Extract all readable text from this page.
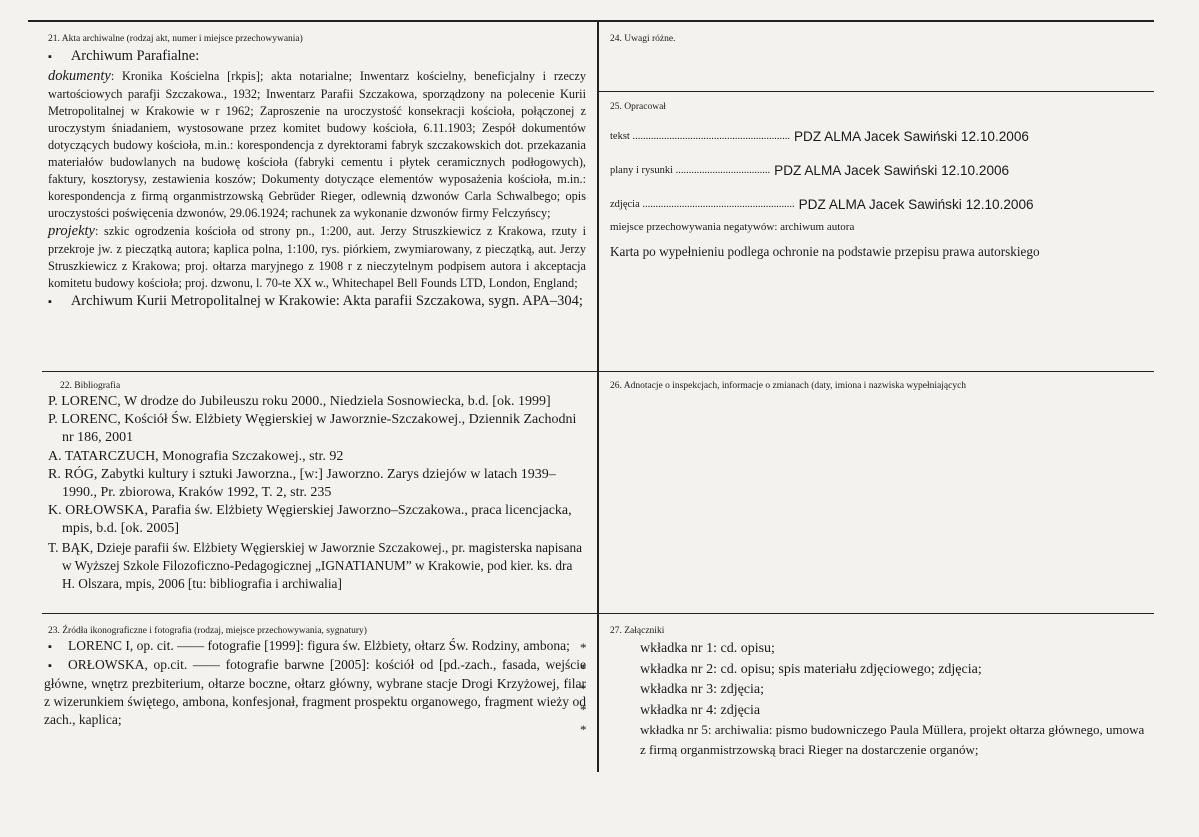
21. Akta archiwalne (rodzaj akt, numer i miejsce przechowywania)

▪ Archiwum Parafialne:

dokumenty: Kronika Kościelna [rkpis]; akta notarialne; Inwentarz kościelny, beneficjalny i rzeczy wartościowych parafji Szczakowa., 1932; Inwentarz Parafii Szczakowa, sporządzony na polecenie Kurii Metropolitalnej w Krakowie w r 1962; Zaproszenie na uroczystość konsekracji kościoła, połączonej z uroczystym śniadaniem, wystosowane przez komitet budowy kościoła, 6.11.1903; Zespół dokumentów dotyczących budowy kościoła, m.in.: korespondencja z dyrektorami fabryk szczakowskich dot. przekazania materiałów budowlanych na budowę kościoła (fabryki cementu i płytek ceramicznych podłogowych), faktury, kosztorysy, zestawienia koszów; Dokumenty dotyczące elementów wyposażenia kościoła, m.in.: korespondencja z firmą organmistrzowską Gebrüder Rieger, odlewnią dzwonów Carla Schwalbego; opis uroczystości poświęcenia dzwonów, 29.06.1924; rachunek za wykonanie dzwonów firmy Felczyńscy;

projekty: szkic ogrodzenia kościoła od strony pn., 1:200, aut. Jerzy Struszkiewicz z Krakowa, rzuty i przekroje jw. z pieczątką autora; kaplica polna, 1:100, rys. piórkiem, zwymiarowany, z pieczątką, aut. Jerzy Struszkiewicz z Krakowa; proj. ołtarza maryjnego z 1908 r z nieczytelnym podpisem autora i akceptacja komitetu budowy kościoła; proj. dzwonu, l. 70-te XX w., Whitechapel Bell Founds LTD, London, England;

▪ Archiwum Kurii Metropolitalnej w Krakowie: Akta parafii Szczakowa, sygn. APA–304;

22. Bibliografia

P. LORENC, W drodze do Jubileuszu roku 2000., Niedziela Sosnowiecka, b.d. [ok. 1999]

P. LORENC, Kościół Św. Elżbiety Węgierskiej w Jaworznie-Szczakowej., Dziennik Zachodni nr 186, 2001

A. TATARCZUCH, Monografia Szczakowej., str. 92

R. RÓG, Zabytki kultury i sztuki Jaworzna., [w:] Jaworzno. Zarys dziejów w latach 1939–1990., Pr. zbiorowa, Kraków 1992, T. 2, str. 235

K. ORŁOWSKA, Parafia św. Elżbiety Węgierskiej Jaworzno–Szczakowa., praca licencjacka, mpis, b.d. [ok. 2005]

T. BĄK, Dzieje parafii św. Elżbiety Węgierskiej w Jaworznie Szczakowej., pr. magisterska napisana w Wyższej Szkole Filozoficzno-Pedagogicznej „IGNATIANUM” w Krakowie, pod kier. ks. dra H. Olszara, mpis, 2006 [tu: bibliografia i archiwalia]

23. Źródła ikonograficzne i fotografia (rodzaj, miejsce przechowywania, sygnatury)

▪ LORENC I, op. cit. —— fotografie [1999]: figura św. Elżbiety, ołtarz Św. Rodziny, ambona;

▪ ORŁOWSKA, op.cit. —— fotografie barwne [2005]: kościół od [pd.-zach., fasada, wejście główne, wnętrz prezbiterium, ołtarze boczne, ołtarz główny, wybrane stacje Drogi Krzyżowej, filar z wizerunkiem świętego, ambona, konfesjonał, fragment prospektu organowego, fragment wieży od zach., kaplica;

24. Uwagi różne.
25. Opracował
tekst ............................................................ PDZ ALMA Jacek Sawiński 12.10.2006
plany i rysunki .................................... PDZ ALMA Jacek Sawiński 12.10.2006
zdjęcia .......................................................... PDZ ALMA Jacek Sawiński 12.10.2006
miejsce przechowywania negatywów: archiwum autora
Karta po wypełnieniu podlega ochronie na podstawie przepisu prawa autorskiego
26. Adnotacje o inspekcjach, informacje o zmianach (daty, imiona i nazwiska wypełniających
27. Załączniki

* wkładka nr 1: cd. opisu;

* wkładka nr 2: cd. opisu; spis materiału zdjęciowego; zdjęcia;

* wkładka nr 3: zdjęcia;

* wkładka nr 4: zdjęcia

* wkładka nr 5: archiwalia: pismo budowniczego Paula Müllera, projekt ołtarza głównego, umowa z firmą organmistrzowską braci Rieger na dostarczenie organów;
